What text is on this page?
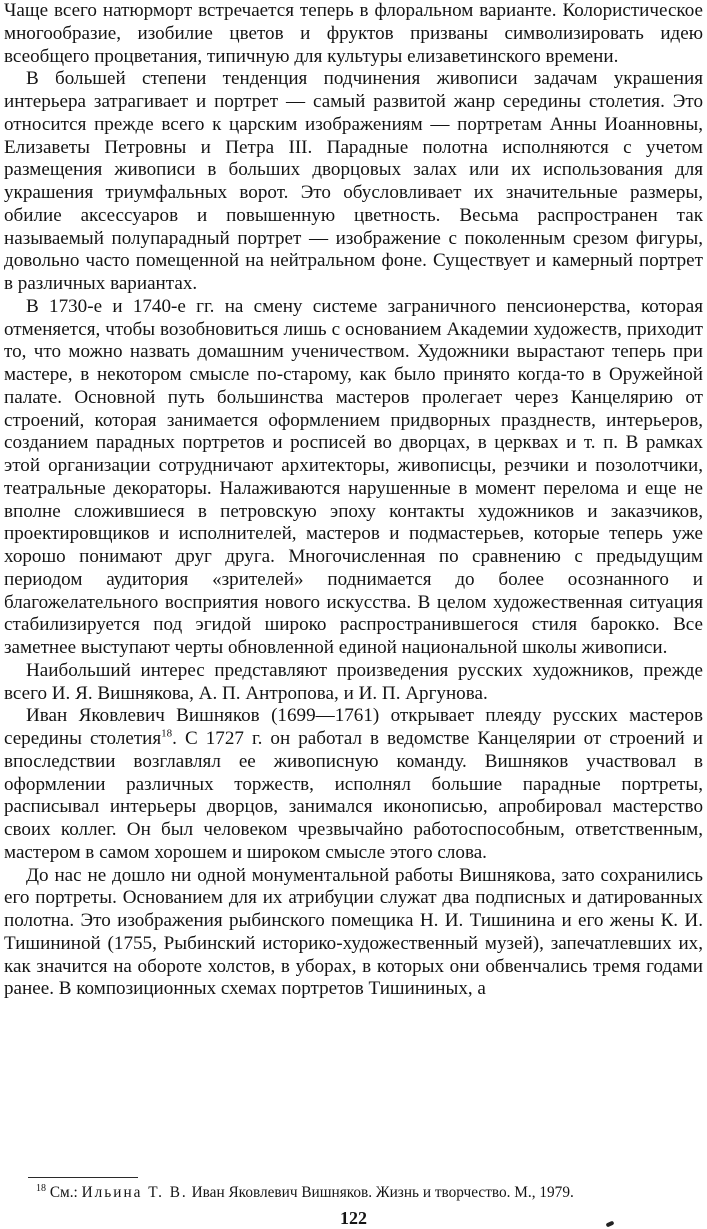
Чаще всего натюрморт встречается теперь в флоральном варианте. Колористическое многообразие, изобилие цветов и фруктов призваны символизировать идею всеобщего процветания, типичную для культуры елизаветинского времени.

В большей степени тенденция подчинения живописи задачам украшения интерьера затрагивает и портрет — самый развитой жанр середины столетия. Это относится прежде всего к царским изображениям — портретам Анны Иоанновны, Елизаветы Петровны и Петра III. Парадные полотна исполняются с учетом размещения живописи в больших дворцовых залах или их использования для украшения триумфальных ворот. Это обусловливает их значительные размеры, обилие аксессуаров и повышенную цветность. Весьма распространен так называемый полупарадный портрет — изображение с поколенным срезом фигуры, довольно часто помещенной на нейтральном фоне. Существует и камерный портрет в различных вариантах.

В 1730-е и 1740-е гг. на смену системе заграничного пенсионерства, которая отменяется, чтобы возобновиться лишь с основанием Академии художеств, приходит то, что можно назвать домашним ученичеством. Художники вырастают теперь при мастере, в некотором смысле по-старому, как было принято когда-то в Оружейной палате. Основной путь большинства мастеров пролегает через Канцелярию от строений, которая занимается оформлением придворных празднеств, интерьеров, созданием парадных портретов и росписей во дворцах, в церквах и т. п. В рамках этой организации сотрудничают архитекторы, живописцы, резчики и позолотчики, театральные декораторы. Налаживаются нарушенные в момент перелома и еще не вполне сложившиеся в петровскую эпоху контакты художников и заказчиков, проектировщиков и исполнителей, мастеров и подмастерьев, которые теперь уже хорошо понимают друг друга. Многочисленная по сравнению с предыдущим периодом аудитория «зрителей» поднимается до более осознанного и благожелательного восприятия нового искусства. В целом художественная ситуация стабилизируется под эгидой широко распространившегося стиля барокко. Все заметнее выступают черты обновленной единой национальной школы живописи.

Наибольший интерес представляют произведения русских художников, прежде всего И. Я. Вишнякова, А. П. Антропова, и И. П. Аргунова.

Иван Яковлевич Вишняков (1699—1761) открывает плеяду русских мастеров середины столетия$^{18}$. С 1727 г. он работал в ведомстве Канцелярии от строений и впоследствии возглавлял ее живописную команду. Вишняков участвовал в оформлении различных торжеств, исполнял большие парадные портреты, расписывал интерьеры дворцов, занимался иконописью, апробировал мастерство своих коллег. Он был человеком чрезвычайно работоспособным, ответственным, мастером в самом хорошем и широком смысле этого слова.

До нас не дошло ни одной монументальной работы Вишнякова, зато сохранились его портреты. Основанием для их атрибуции служат два подписных и датированных полотна. Это изображения рыбинского помещика Н. И. Тишинина и его жены К. И. Тишининой (1755, Рыбинский историко-художественный музей), запечатлевших их, как значится на обороте холстов, в уборах, в которых они обвенчались тремя годами ранее. В композиционных схемах портретов Тишининых, а

$^{18}$ См.: Ильина Т. В. Иван Яковлевич Вишняков. Жизнь и творчество. М., 1979.

122
